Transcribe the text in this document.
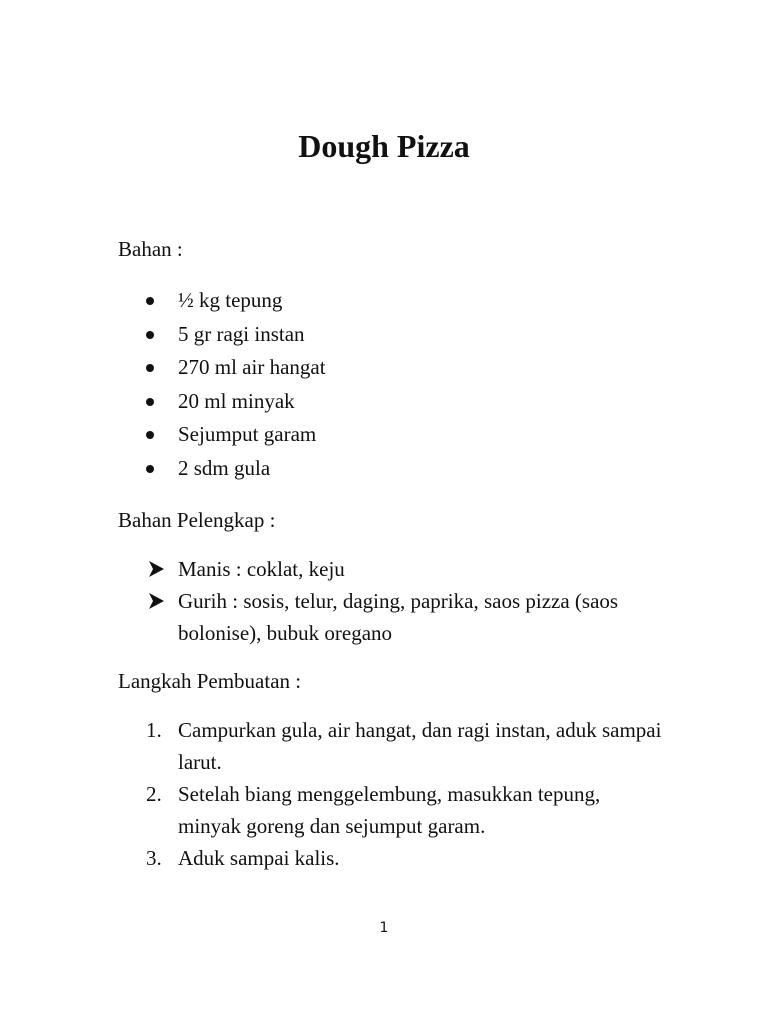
Dough Pizza

Bahan :

½ kg tepung
5 gr ragi instan
270 ml air hangat
20 ml minyak
Sejumput garam
2 sdm gula

Bahan Pelengkap :

Manis : coklat, keju
Gurih : sosis, telur, daging, paprika, saos pizza (saos bolonise), bubuk oregano

Langkah Pembuatan :

1. Campurkan gula, air hangat, dan ragi instan, aduk sampai larut.
2. Setelah biang menggelembung, masukkan tepung, minyak goreng dan sejumput garam.
3. Aduk sampai kalis.
1
